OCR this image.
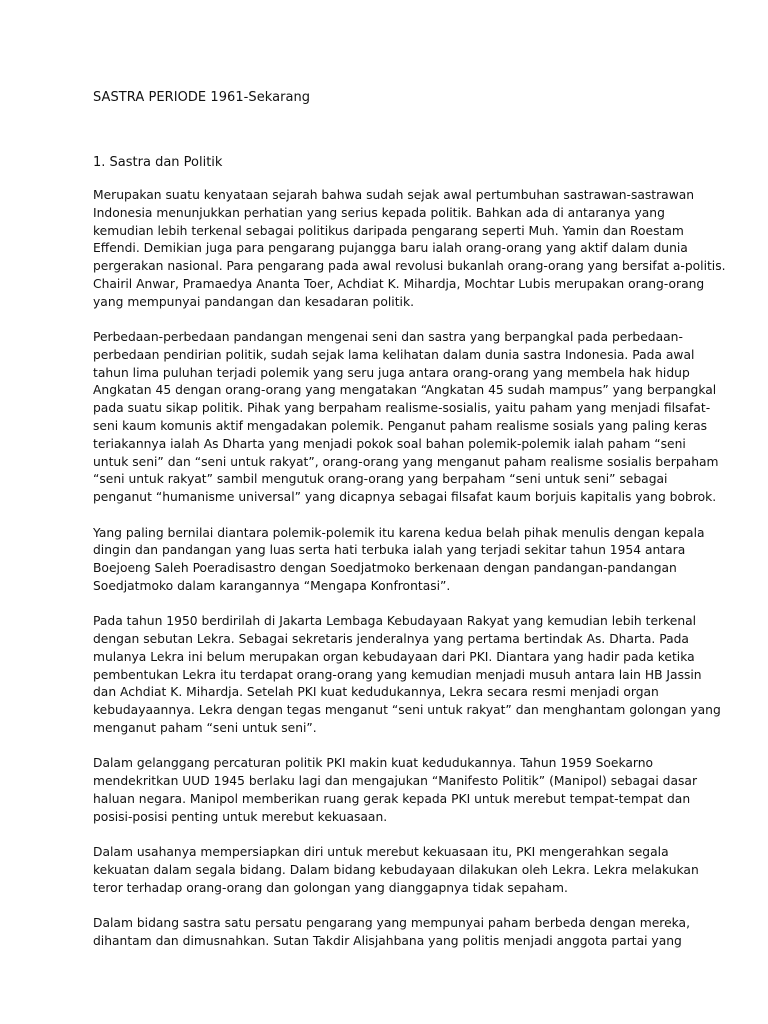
SASTRA PERIODE 1961-Sekarang
1. Sastra dan Politik
Merupakan suatu kenyataan sejarah bahwa sudah sejak awal pertumbuhan sastrawan-sastrawan
Indonesia menunjukkan perhatian yang serius kepada politik. Bahkan ada di antaranya yang
kemudian lebih terkenal sebagai politikus daripada pengarang seperti Muh. Yamin dan Roestam
Effendi. Demikian juga para pengarang pujangga baru ialah orang-orang yang aktif dalam dunia
pergerakan nasional. Para pengarang pada awal revolusi bukanlah orang-orang yang bersifat a-politis.
Chairil Anwar, Pramaedya Ananta Toer, Achdiat K. Mihardja, Mochtar Lubis merupakan orang-orang
yang mempunyai pandangan dan kesadaran politik.
Perbedaan-perbedaan pandangan mengenai seni dan sastra yang berpangkal pada perbedaan-
perbedaan pendirian politik, sudah sejak lama kelihatan dalam dunia sastra Indonesia. Pada awal
tahun lima puluhan terjadi polemik yang seru juga antara orang-orang yang membela hak hidup
Angkatan 45 dengan orang-orang yang mengatakan “Angkatan 45 sudah mampus” yang berpangkal
pada suatu sikap politik. Pihak yang berpaham realisme-sosialis, yaitu paham yang menjadi filsafat-
seni kaum komunis aktif mengadakan polemik. Penganut paham realisme sosials yang paling keras
teriakannya ialah As Dharta yang menjadi pokok soal bahan polemik-polemik ialah paham “seni
untuk seni” dan “seni untuk rakyat”, orang-orang yang menganut paham realisme sosialis berpaham
“seni untuk rakyat” sambil mengutuk orang-orang yang berpaham “seni untuk seni” sebagai
penganut “humanisme universal” yang dicapnya sebagai filsafat kaum borjuis kapitalis yang bobrok.
Yang paling bernilai diantara polemik-polemik itu karena kedua belah pihak menulis dengan kepala
dingin dan pandangan yang luas serta hati terbuka ialah yang terjadi sekitar tahun 1954 antara
Boejoeng Saleh Poeradisastro dengan Soedjatmoko berkenaan dengan pandangan-pandangan
Soedjatmoko dalam karangannya “Mengapa Konfrontasi”.
Pada tahun 1950 berdirilah di Jakarta Lembaga Kebudayaan Rakyat yang kemudian lebih terkenal
dengan sebutan Lekra. Sebagai sekretaris jenderalnya yang pertama bertindak As. Dharta. Pada
mulanya Lekra ini belum merupakan organ kebudayaan dari PKI. Diantara yang hadir pada ketika
pembentukan Lekra itu terdapat orang-orang yang kemudian menjadi musuh antara lain HB Jassin
dan Achdiat K. Mihardja. Setelah PKI kuat kedudukannya, Lekra secara resmi menjadi organ
kebudayaannya. Lekra dengan tegas menganut “seni untuk rakyat” dan menghantam golongan yang
menganut paham “seni untuk seni”.
Dalam gelanggang percaturan politik PKI makin kuat kedudukannya. Tahun 1959 Soekarno
mendekritkan UUD 1945 berlaku lagi dan mengajukan “Manifesto Politik” (Manipol) sebagai dasar
haluan negara. Manipol memberikan ruang gerak kepada PKI untuk merebut tempat-tempat dan
posisi-posisi penting untuk merebut kekuasaan.
Dalam usahanya mempersiapkan diri untuk merebut kekuasaan itu, PKI mengerahkan segala
kekuatan dalam segala bidang. Dalam bidang kebudayaan dilakukan oleh Lekra. Lekra melakukan
teror terhadap orang-orang dan golongan yang dianggapnya tidak sepaham.
Dalam bidang sastra satu persatu pengarang yang mempunyai paham berbeda dengan mereka,
dihantam dan dimusnahkan. Sutan Takdir Alisjahbana yang politis menjadi anggota partai yang
